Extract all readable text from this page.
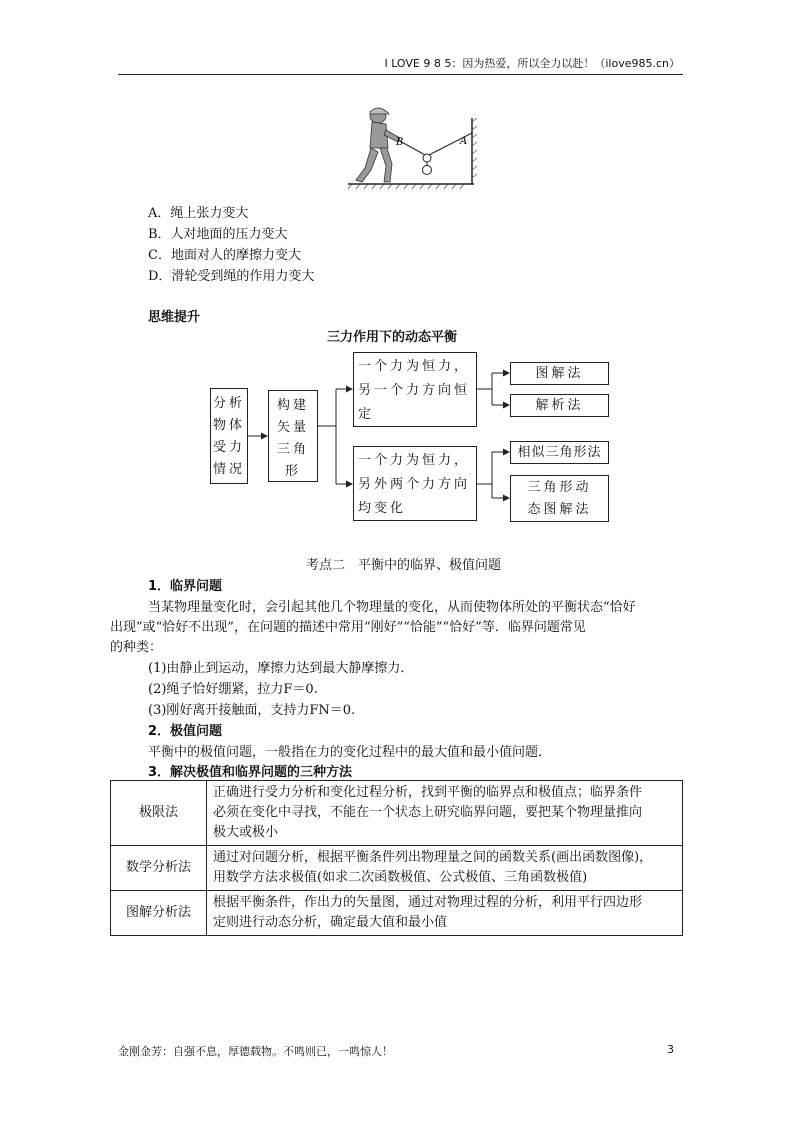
I LOVE 9 8 5：因为热爱，所以全力以赴！（ilove985.cn）
B	A
A．绳上张力变大
B．人对地面的压力变大
C．地面对人的摩擦力变大
D．滑轮受到绳的作用力变大
思维提升
三力作用下的动态平衡
分析
物体
受力
情况
构建
矢量
三角
形
一个力为恒力，
另一个力方向恒
定
一个力为恒力，
另外两个力方向
均变化
图解法
解析法
相似三角形法
三角形动
态图解法
考点二　平衡中的临界、极值问题
1．临界问题
当某物理量变化时，会引起其他几个物理量的变化，从而使物体所处的平衡状态“恰好
出现”或“恰好不出现”，在问题的描述中常用“刚好”“恰能”“恰好”等．临界问题常见
的种类：
(1)由静止到运动，摩擦力达到最大静摩擦力．
(2)绳子恰好绷紧，拉力F＝0.
(3)刚好离开接触面，支持力FN＝0.
2．极值问题
平衡中的极值问题，一般指在力的变化过程中的最大值和最小值问题．
3．解决极值和临界问题的三种方法
极限法	正确进行受力分析和变化过程分析，找到平衡的临界点和极值点；临界条件
必须在变化中寻找，不能在一个状态上研究临界问题，要把某个物理量推向
极大或极小

数学分析法	通过对问题分析，根据平衡条件列出物理量之间的函数关系(画出函数图像)，
用数学方法求极值(如求二次函数极值、公式极值、三角函数极值)

图解分析法	根据平衡条件，作出力的矢量图，通过对物理过程的分析，利用平行四边形
定则进行动态分析，确定最大值和最小值
金刚金芳：自强不息，厚德载物。不鸣则已，一鸣惊人！	3
